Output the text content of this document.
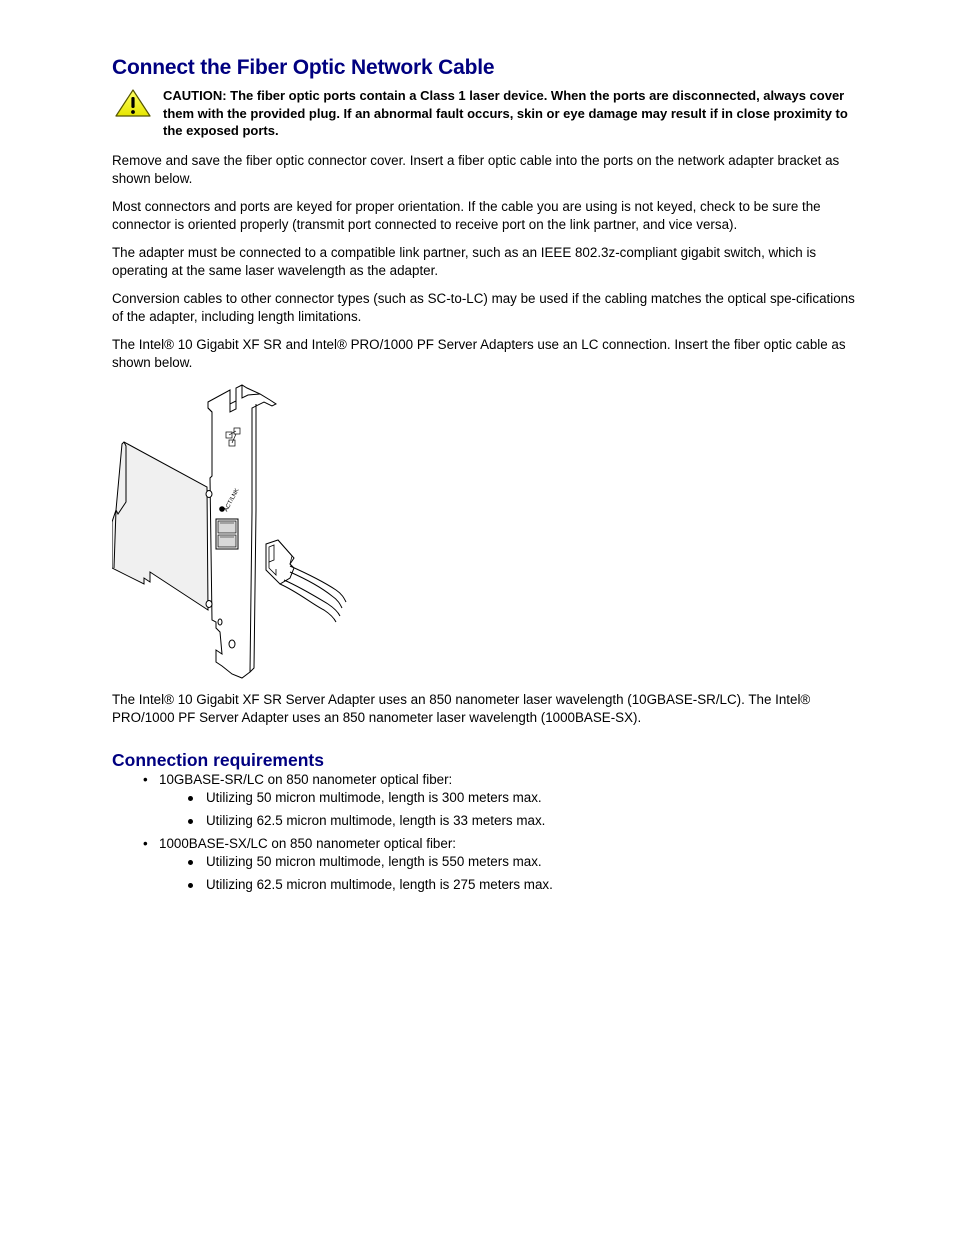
Connect the Fiber Optic Network Cable

CAUTION: The fiber optic ports contain a Class 1 laser device. When the ports are disconnected, always cover them with the provided plug. If an abnormal fault occurs, skin or eye damage may result if in close proximity to the exposed ports.

Remove and save the fiber optic connector cover. Insert a fiber optic cable into the ports on the network adapter bracket as shown below.

Most connectors and ports are keyed for proper orientation. If the cable you are using is not keyed, check to be sure the connector is oriented properly (transmit port connected to receive port on the link partner, and vice versa).

The adapter must be connected to a compatible link partner, such as an IEEE 802.3z-compliant gigabit switch, which is operating at the same laser wavelength as the adapter.

Conversion cables to other connector types (such as SC-to-LC) may be used if the cabling matches the optical spe-cifications of the adapter, including length limitations.

The Intel® 10 Gigabit XF SR and Intel® PRO/1000 PF Server Adapters use an LC connection. Insert the fiber optic cable as shown below.

ACT/LNK

The Intel® 10 Gigabit XF SR Server Adapter uses an 850 nanometer laser wavelength (10GBASE-SR/LC). The Intel® PRO/1000 PF Server Adapter uses an 850 nanometer laser wavelength (1000BASE-SX).

Connection requirements
• 10GBASE-SR/LC on 850 nanometer optical fiber:
Utilizing 50 micron multimode, length is 300 meters max.
Utilizing 62.5 micron multimode, length is 33 meters max.
• 1000BASE-SX/LC on 850 nanometer optical fiber:
Utilizing 50 micron multimode, length is 550 meters max.
Utilizing 62.5 micron multimode, length is 275 meters max.
